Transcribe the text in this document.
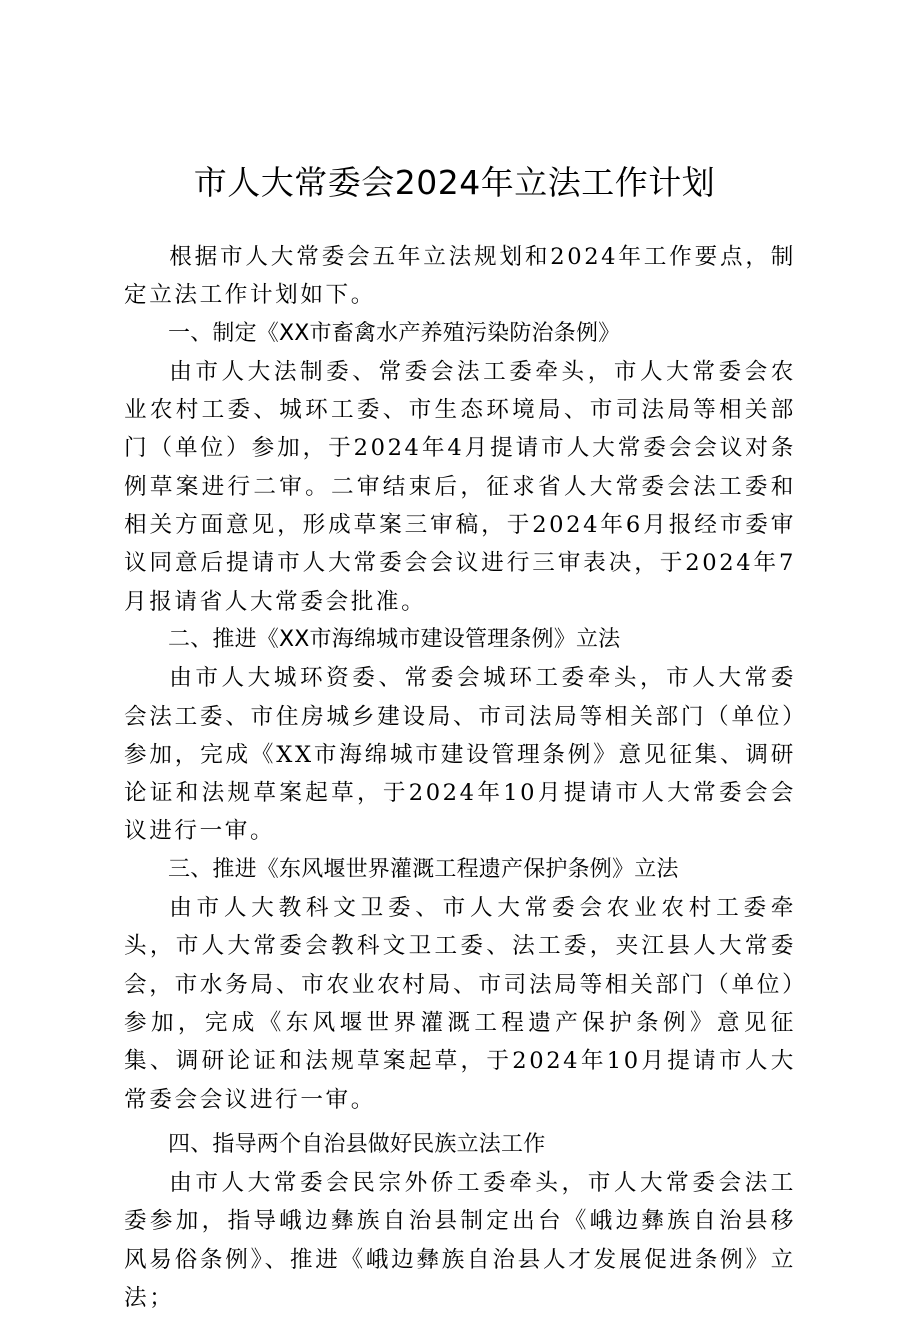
市人大常委会2024年立法工作计划

根据市人大常委会五年立法规划和2024年工作要点，制定立法工作计划如下。

一、制定《XX市畜禽水产养殖污染防治条例》

由市人大法制委、常委会法工委牵头，市人大常委会农业农村工委、城环工委、市生态环境局、市司法局等相关部门（单位）参加，于2024年4月提请市人大常委会会议对条例草案进行二审。二审结束后，征求省人大常委会法工委和相关方面意见，形成草案三审稿，于2024年6月报经市委审议同意后提请市人大常委会会议进行三审表决，于2024年7月报请省人大常委会批准。

二、推进《XX市海绵城市建设管理条例》立法

由市人大城环资委、常委会城环工委牵头，市人大常委会法工委、市住房城乡建设局、市司法局等相关部门（单位）参加，完成《XX市海绵城市建设管理条例》意见征集、调研论证和法规草案起草，于2024年10月提请市人大常委会会议进行一审。

三、推进《东风堰世界灌溉工程遗产保护条例》立法

由市人大教科文卫委、市人大常委会农业农村工委牵头，市人大常委会教科文卫工委、法工委，夹江县人大常委会，市水务局、市农业农村局、市司法局等相关部门（单位）参加，完成《东风堰世界灌溉工程遗产保护条例》意见征集、调研论证和法规草案起草，于2024年10月提请市人大常委会会议进行一审。

四、指导两个自治县做好民族立法工作

由市人大常委会民宗外侨工委牵头，市人大常委会法工委参加，指导峨边彝族自治县制定出台《峨边彝族自治县移风易俗条例》、推进《峨边彝族自治县人才发展促进条例》立法；
